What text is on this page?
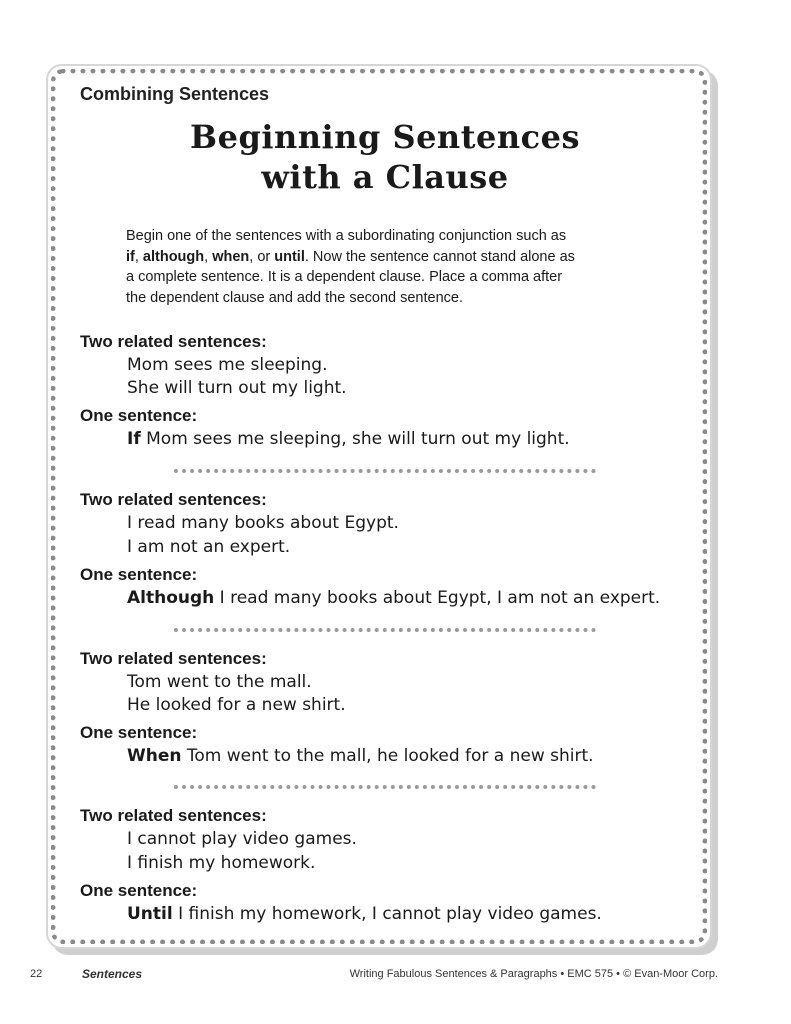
Combining Sentences
Beginning Sentences
with a Clause
Begin one of the sentences with a subordinating conjunction such as
if, although, when, or until. Now the sentence cannot stand alone as
a complete sentence. It is a dependent clause. Place a comma after
the dependent clause and add the second sentence.
Two related sentences:
Mom sees me sleeping.
She will turn out my light.
One sentence:
If Mom sees me sleeping, she will turn out my light.
Two related sentences:
I read many books about Egypt.
I am not an expert.
One sentence:
Although I read many books about Egypt, I am not an expert.
Two related sentences:
Tom went to the mall.
He looked for a new shirt.
One sentence:
When Tom went to the mall, he looked for a new shirt.
Two related sentences:
I cannot play video games.
I finish my homework.
One sentence:
Until I finish my homework, I cannot play video games.
22	Sentences	Writing Fabulous Sentences & Paragraphs • EMC 575 • © Evan-Moor Corp.
